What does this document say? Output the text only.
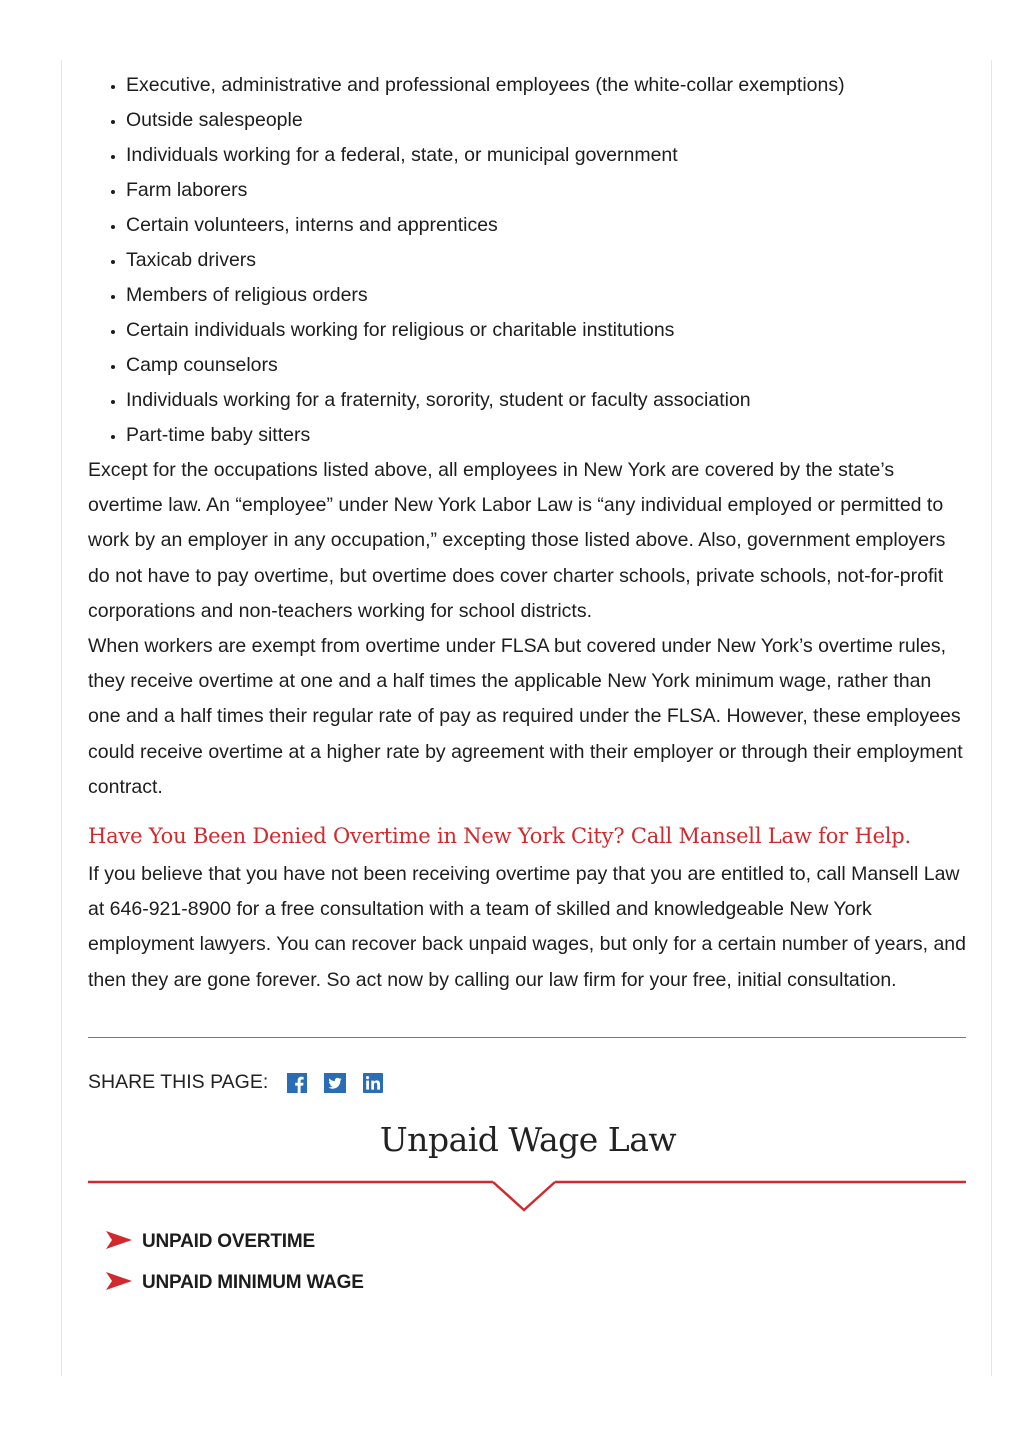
• Executive, administrative and professional employees (the white-collar exemptions)
• Outside salespeople
• Individuals working for a federal, state, or municipal government
• Farm laborers
• Certain volunteers, interns and apprentices
• Taxicab drivers
• Members of religious orders
• Certain individuals working for religious or charitable institutions
• Camp counselors
• Individuals working for a fraternity, sorority, student or faculty association
• Part-time baby sitters

Except for the occupations listed above, all employees in New York are covered by the state’s overtime law. An “employee” under New York Labor Law is “any individual employed or permitted to work by an employer in any occupation,” excepting those listed above. Also, government employers do not have to pay overtime, but overtime does cover charter schools, private schools, not-for-profit corporations and non-teachers working for school districts.

When workers are exempt from overtime under FLSA but covered under New York’s overtime rules, they receive overtime at one and a half times the applicable New York minimum wage, rather than one and a half times their regular rate of pay as required under the FLSA. However, these employees could receive overtime at a higher rate by agreement with their employer or through their employment contract.

Have You Been Denied Overtime in New York City? Call Mansell Law for Help.

If you believe that you have not been receiving overtime pay that you are entitled to, call Mansell Law at 646-921-8900 for a free consultation with a team of skilled and knowledgeable New York employment lawyers. You can recover back unpaid wages, but only for a certain number of years, and then they are gone forever. So act now by calling our law firm for your free, initial consultation.

SHARE THIS PAGE:
Unpaid Wage Law
UNPAID OVERTIME
UNPAID MINIMUM WAGE
